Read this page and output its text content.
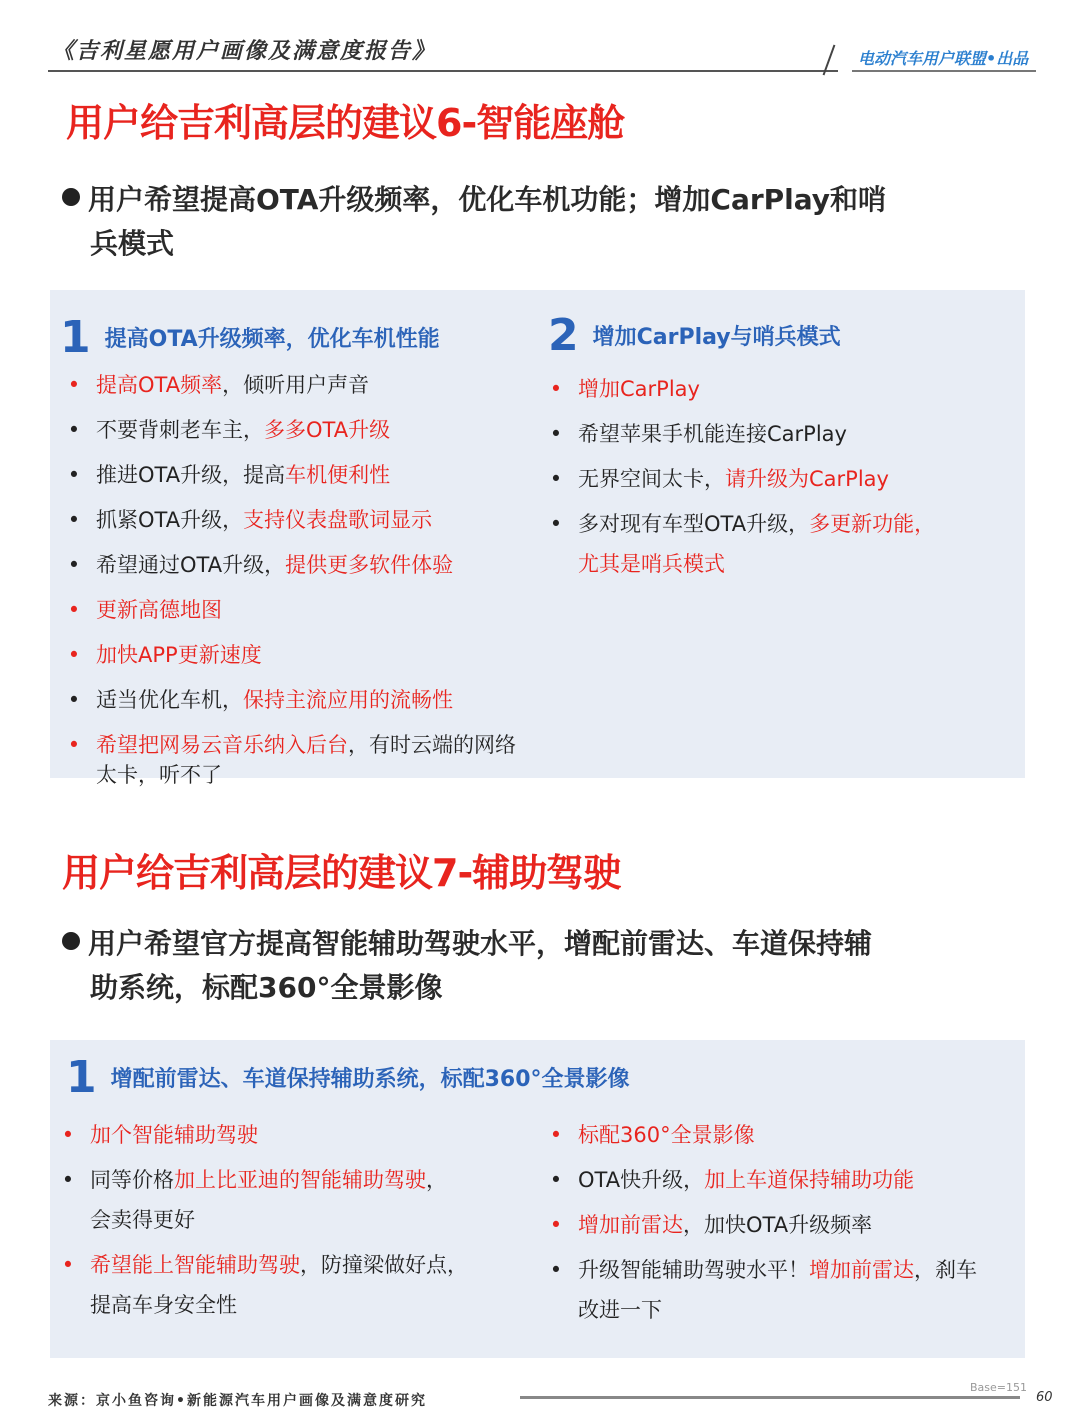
《吉利星愿用户画像及满意度报告》	电动汽车用户联盟•出品
用户给吉利高层的建议6-智能座舱
用户希望提高OTA升级频率，优化车机功能；增加CarPlay和哨
兵模式
1 提高OTA升级频率，优化车机性能
• 提高OTA频率，倾听用户声音
• 不要背刺老车主，多多OTA升级
• 推进OTA升级，提高车机便利性
• 抓紧OTA升级，支持仪表盘歌词显示
• 希望通过OTA升级，提供更多软件体验
• 更新高德地图
• 加快APP更新速度
• 适当优化车机，保持主流应用的流畅性
• 希望把网易云音乐纳入后台，有时云端的网络太卡，听不了
2 增加CarPlay与哨兵模式
• 增加CarPlay
• 希望苹果手机能连接CarPlay
• 无界空间太卡，请升级为CarPlay
• 多对现有车型OTA升级，多更新功能，
尤其是哨兵模式
用户给吉利高层的建议7-辅助驾驶
用户希望官方提高智能辅助驾驶水平，增配前雷达、车道保持辅
助系统，标配360°全景影像
1 增配前雷达、车道保持辅助系统，标配360°全景影像
• 加个智能辅助驾驶
• 同等价格加上比亚迪的智能辅助驾驶，
会卖得更好
• 希望能上智能辅助驾驶，防撞梁做好点，
提高车身安全性
• 标配360°全景影像
• OTA快升级，加上车道保持辅助功能
• 增加前雷达，加快OTA升级频率
• 升级智能辅助驾驶水平！增加前雷达，刹车
改进一下
来源：京小鱼咨询•新能源汽车用户画像及满意度研究
Base=151
60
